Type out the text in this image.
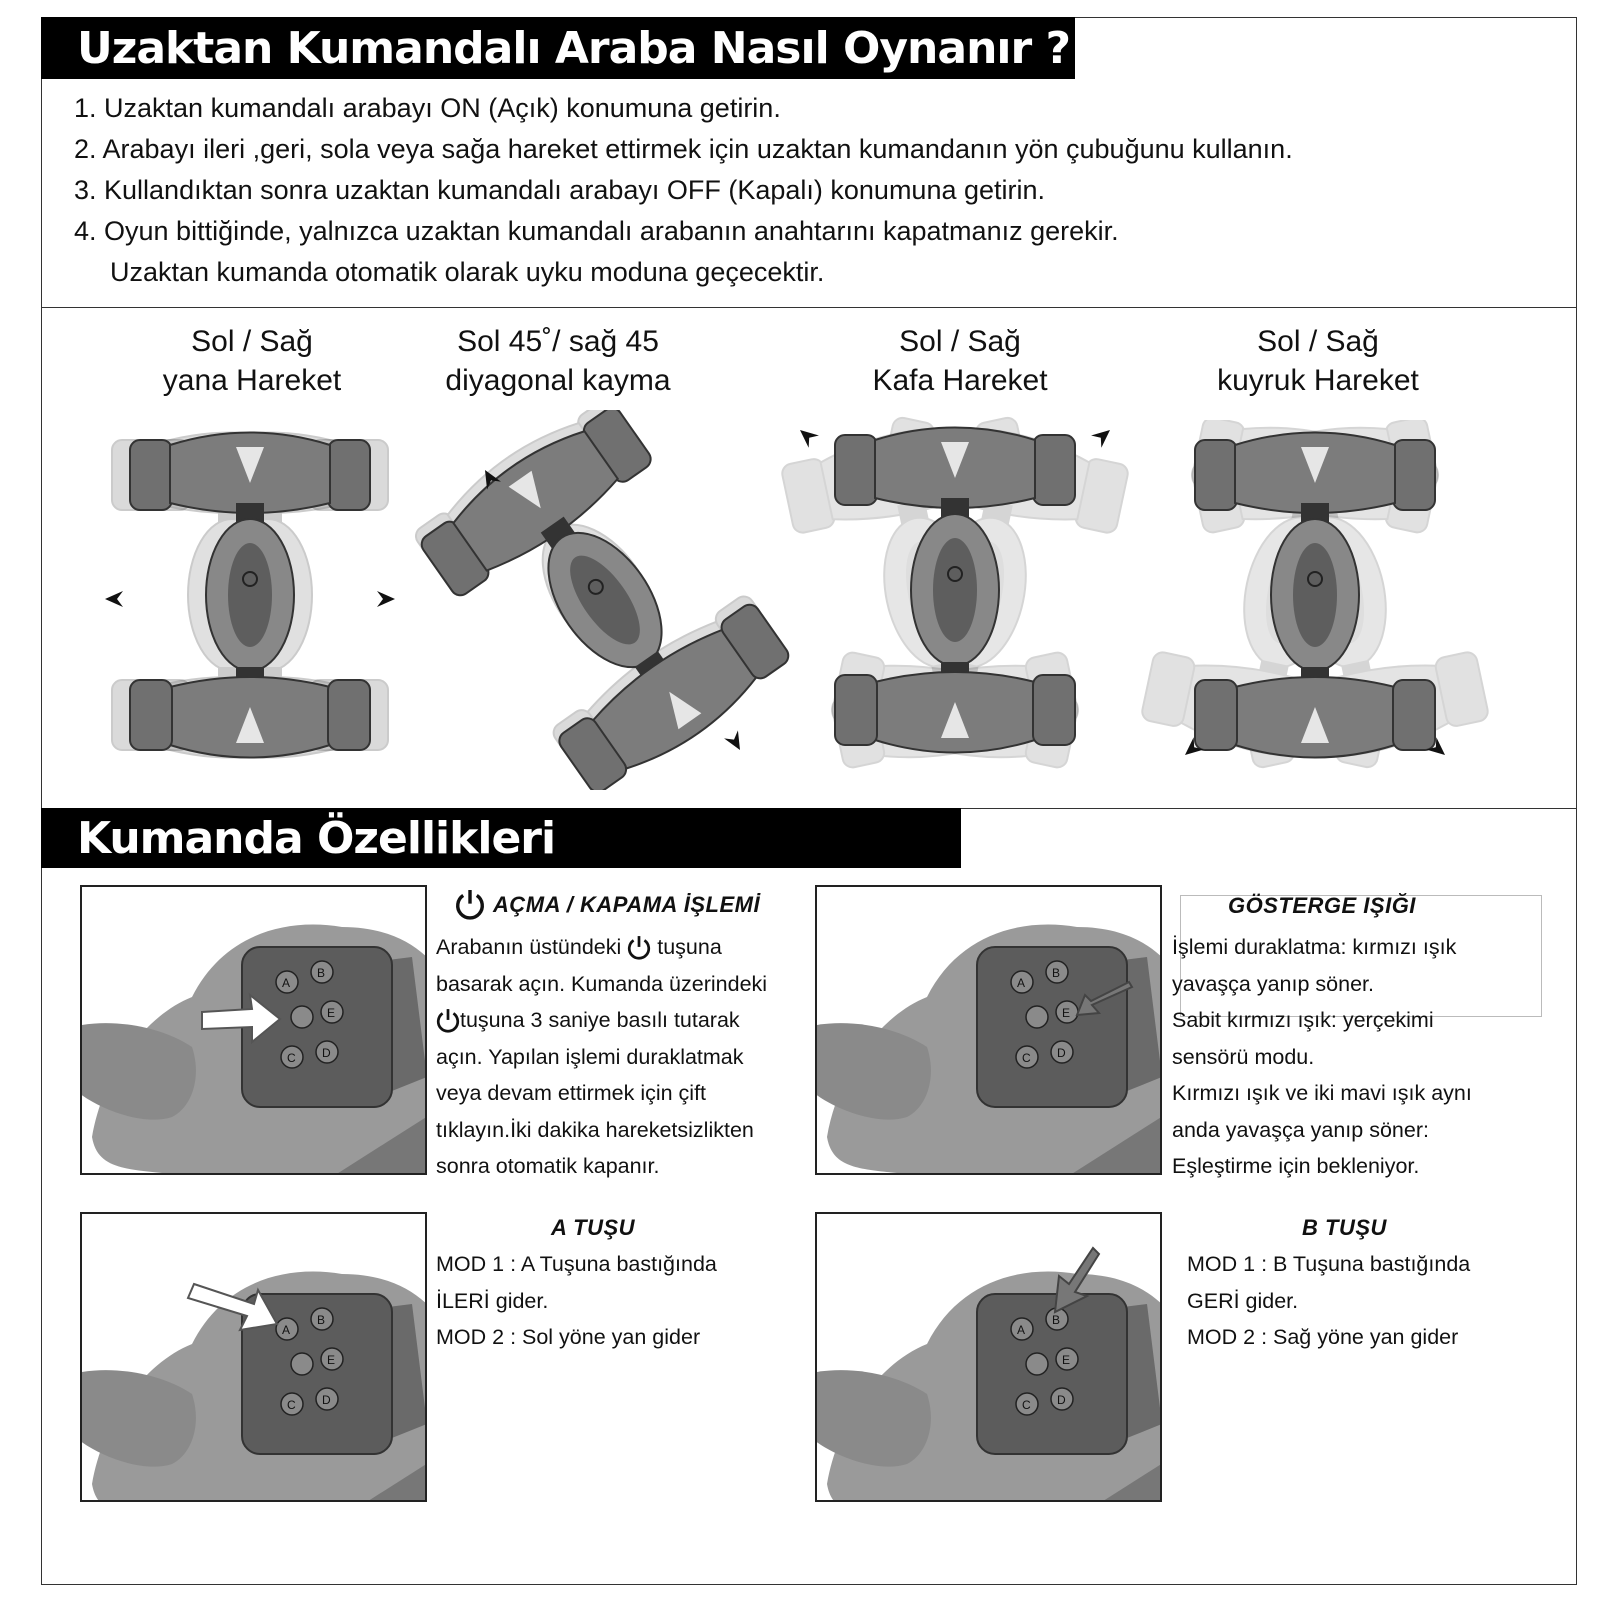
Uzaktan Kumandalı Araba Nasıl Oynanır ?
1. Uzaktan kumandalı arabayı ON (Açık) konumuna getirin.
2. Arabayı ileri ,geri, sola veya sağa hareket ettirmek için uzaktan kumandanın yön çubuğunu kullanın.
3. Kullandıktan sonra uzaktan kumandalı arabayı OFF (Kapalı) konumuna getirin.
4. Oyun bittiğinde, yalnızca uzaktan kumandalı arabanın anahtarını kapatmanız gerekir.
Uzaktan kumanda otomatik olarak uyku moduna geçecektir.
Sol / Sağ
yana Hareket
Sol 45˚/ sağ 45
diyagonal kayma
Sol / Sağ
Kafa Hareket
Sol / Sağ
kuyruk Hareket
Kumanda Özellikleri
A
B
E
C D
AÇMA / KAPAMA İŞLEMİ

Arabanın üstündeki tuşuna

basarak açın. Kumanda üzerindeki

tuşuna 3 saniye basılı tutarak

açın. Yapılan işlemi duraklatmak

veya devam ettirmek için çift

tıklayın.İki dakika hareketsizlikten

sonra otomatik kapanır.

A
B
E
C D
GÖSTERGE IŞIĞI

İşlemi duraklatma: kırmızı ışık

yavaşça yanıp söner.

Sabit kırmızı ışık: yerçekimi

sensörü modu.

Kırmızı ışık ve iki mavi ışık aynı

anda yavaşça yanıp söner:

Eşleştirme için bekleniyor.

A
B
E
C D
A TUŞU

MOD 1 : A Tuşuna bastığında

İLERİ gider.

MOD 2 : Sol yöne yan gider	A
B
E
C D
B TUŞU

MOD 1 : B Tuşuna bastığında

GERİ gider.

MOD 2 : Sağ yöne yan gider
